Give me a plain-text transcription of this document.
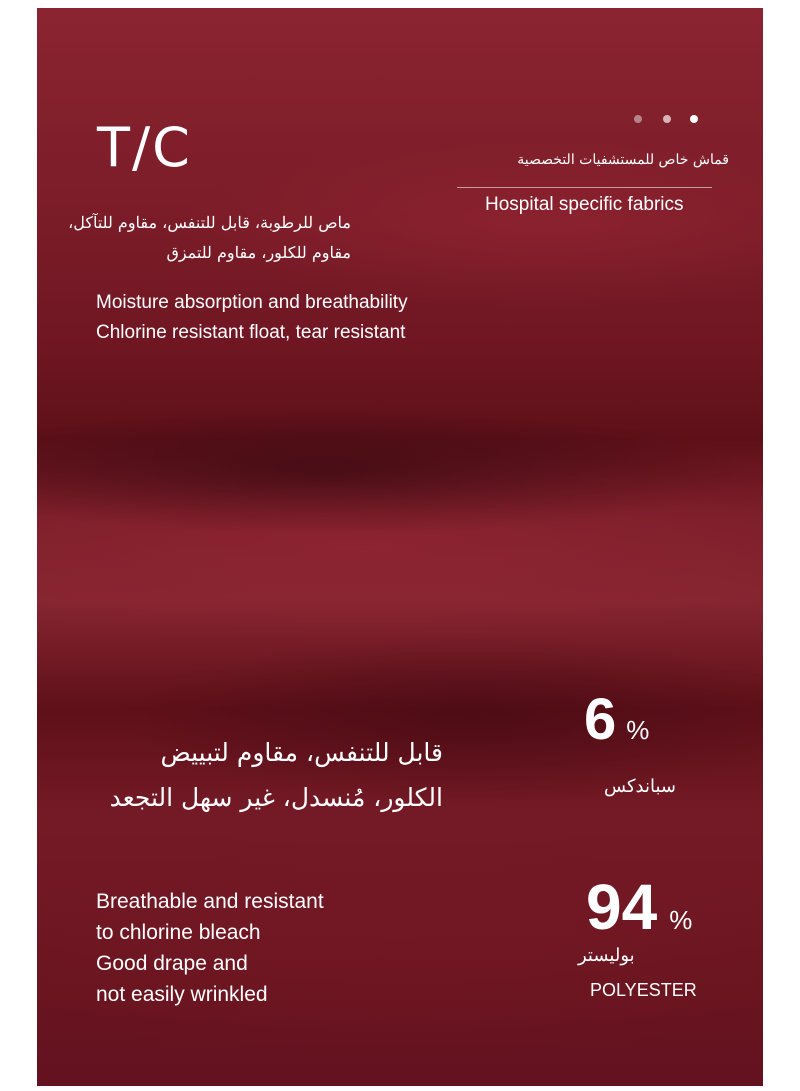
T/C	قماش خاص للمستشفيات التخصصية

Hospital specific fabrics

ماص للرطوبة، قابل للتنفس، مقاوم للتآكل، مقاوم للكلور، مقاوم للتمزق

Moisture absorption and breathability
Chlorine resistant float, tear resistant

6 %

سباندكس

قابل للتنفس، مقاوم لتبييض الكلور، مُنسدل، غير سهل التجعد

Breathable and resistant
to chlorine bleach
Good drape and
not easily wrinkled

94 %

بوليستر

POLYESTER
